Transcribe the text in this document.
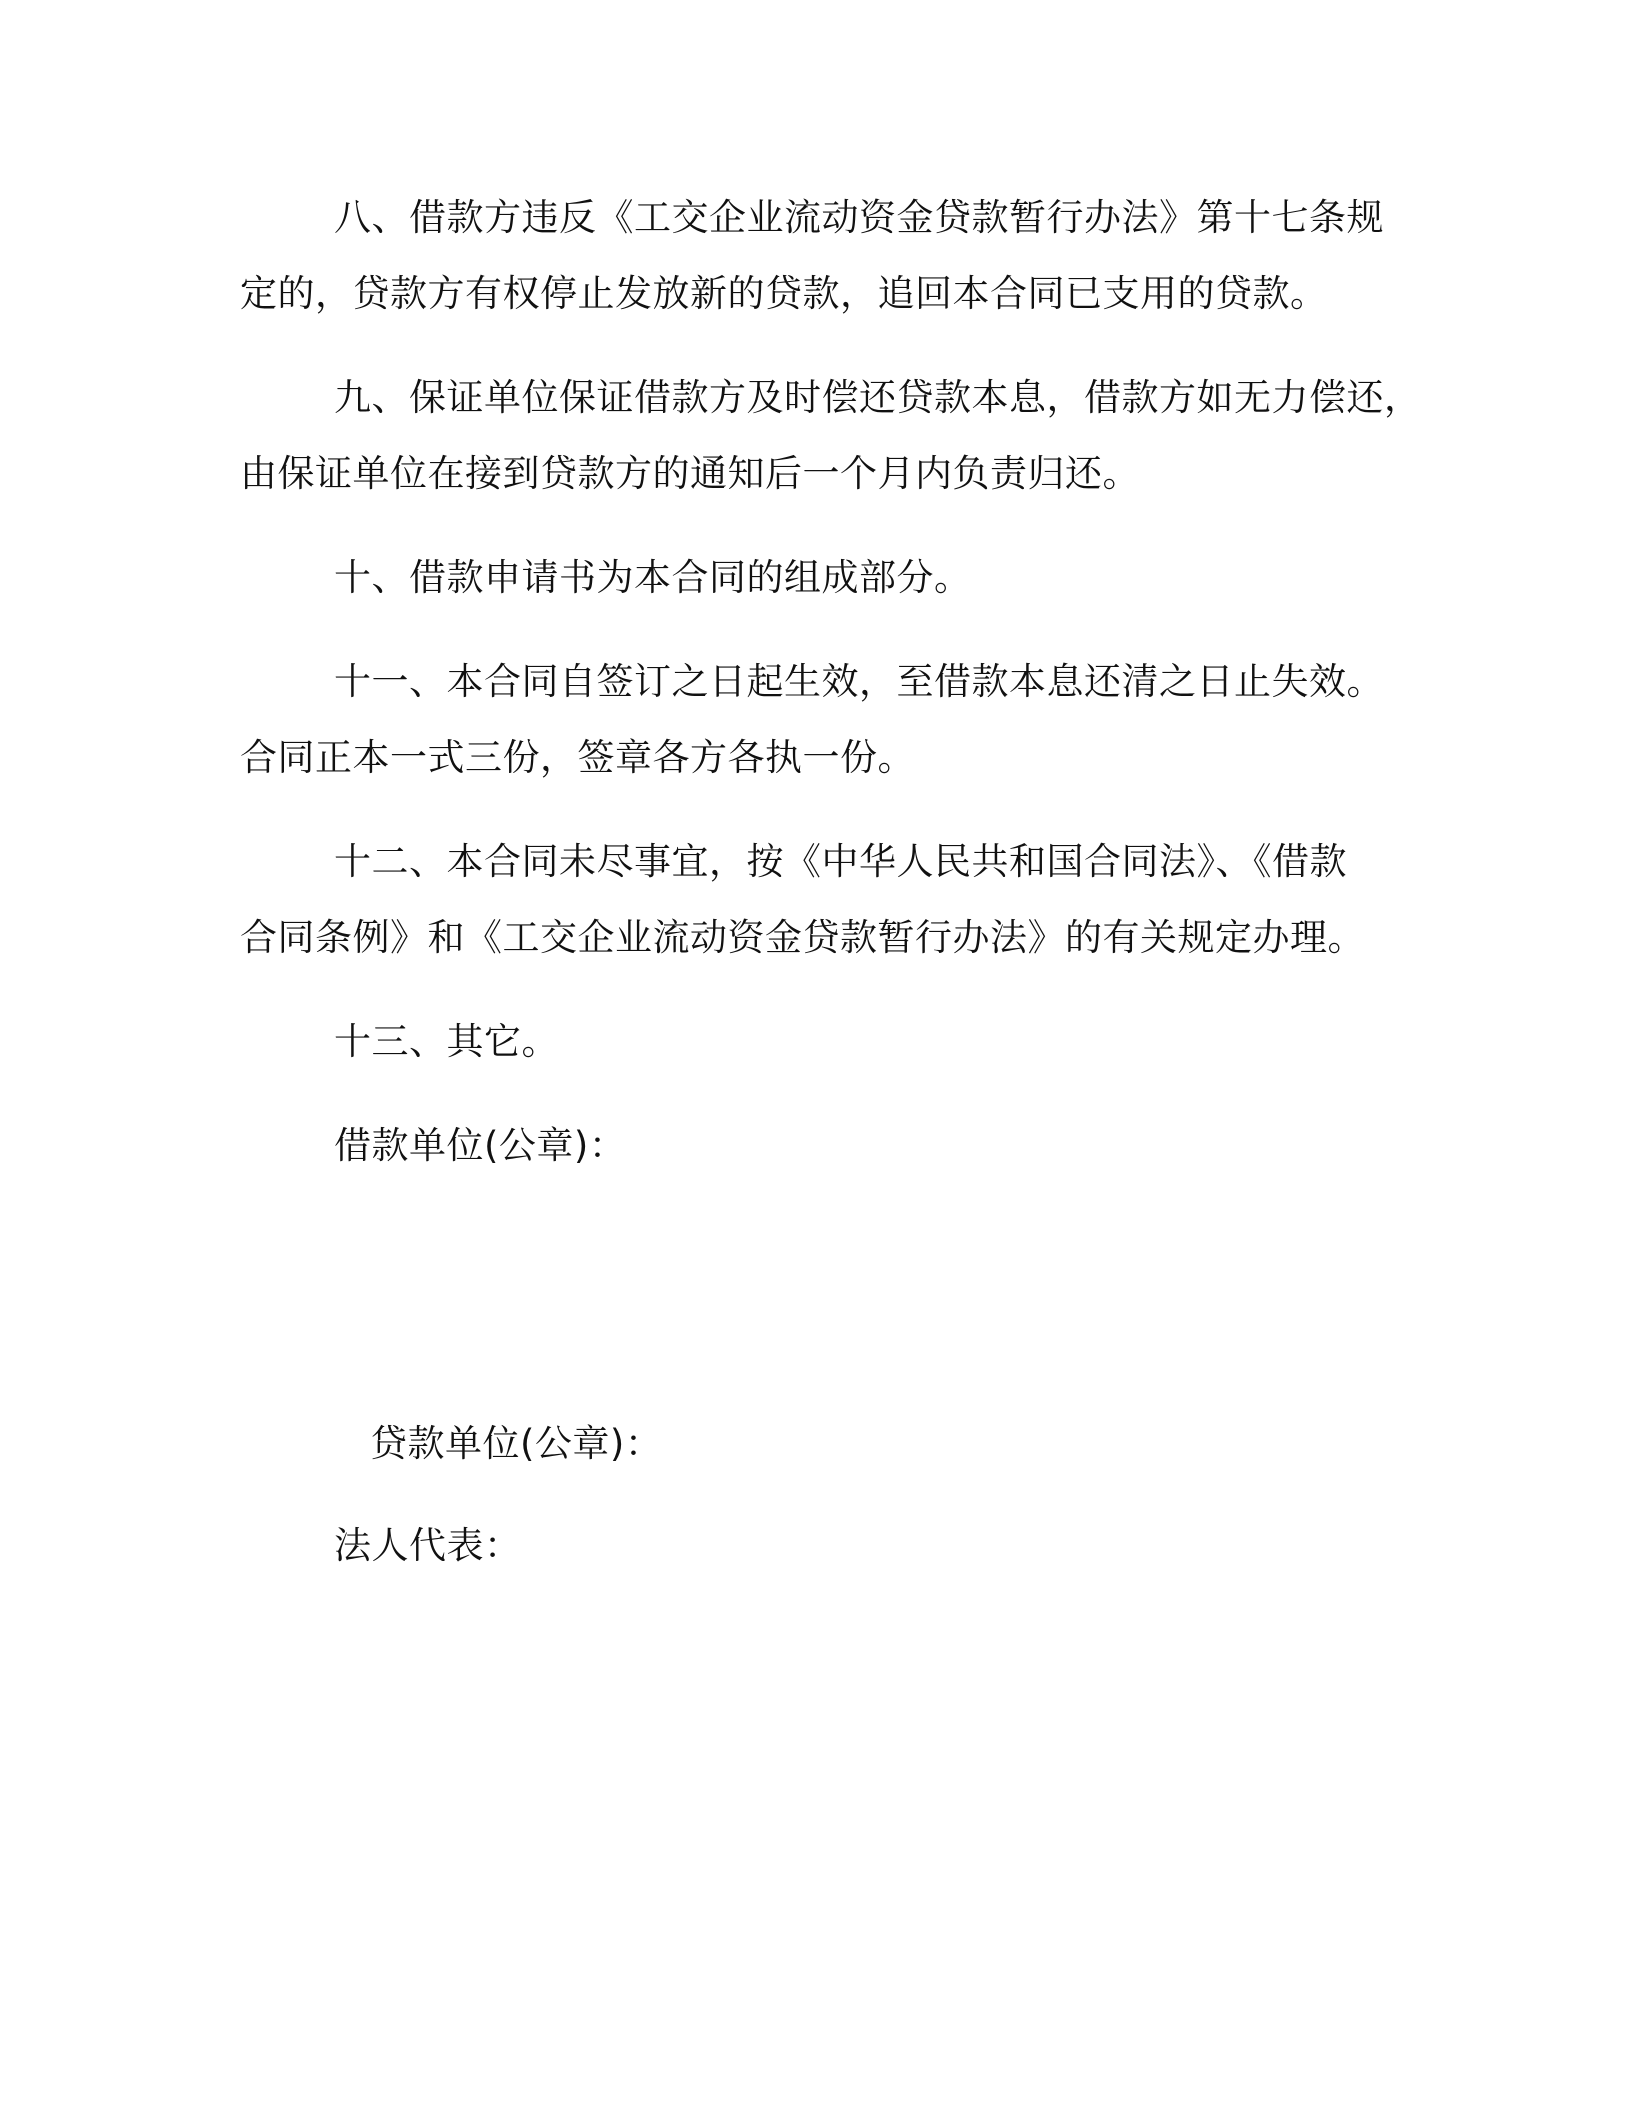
八、借款方违反《工交企业流动资金贷款暂行办法》第十七条规
定的，贷款方有权停止发放新的贷款，追回本合同已支用的贷款。
九、保证单位保证借款方及时偿还贷款本息，借款方如无力偿还，
由保证单位在接到贷款方的通知后一个月内负责归还。
十、借款申请书为本合同的组成部分。
十一、本合同自签订之日起生效，至借款本息还清之日止失效。
合同正本一式三份，签章各方各执一份。
十二、本合同未尽事宜，按《中华人民共和国合同法》、《借款
合同条例》和《工交企业流动资金贷款暂行办法》的有关规定办理。
十三、其它。
借款单位(公章)：
贷款单位(公章)：
法人代表：
